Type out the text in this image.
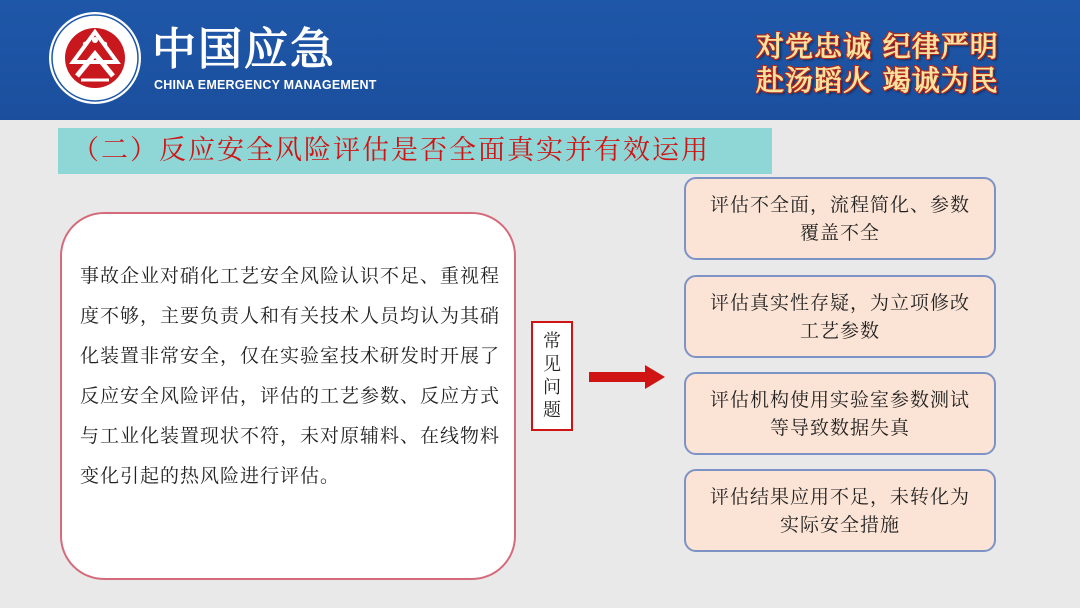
中国应急
CHINA EMERGENCY MANAGEMENT
对党忠诚 纪律严明
赴汤蹈火 竭诚为民
（二）反应安全风险评估是否全面真实并有效运用
事故企业对硝化工艺安全风险认识不足、重视程度不够，主要负责人和有关技术人员均认为其硝化装置非常安全，仅在实验室技术研发时开展了反应安全风险评估，评估的工艺参数、反应方式与工业化装置现状不符，未对原辅料、在线物料变化引起的热风险进行评估。
常见问题
评估不全面，流程简化、参数覆盖不全
评估真实性存疑，为立项修改工艺参数
评估机构使用实验室参数测试等导致数据失真
评估结果应用不足，未转化为实际安全措施
